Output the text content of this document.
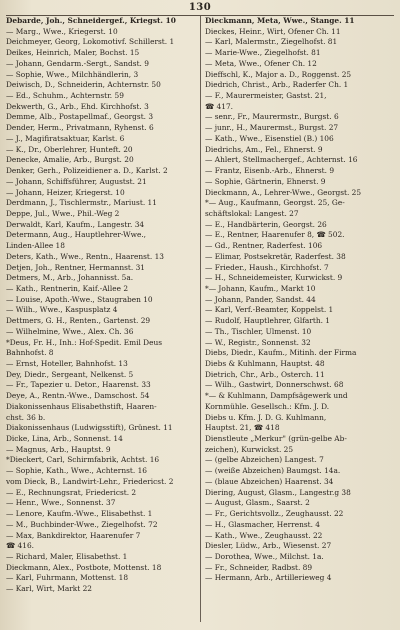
130
Debarde, Joh., Schneidergef., Kriegst. 10
— Marg., Wwe., Kriegerst. 10
Deichmeyer, Georg, Lokomotivf. Schillerst. 1
Deikes, Heinrich, Maler, Bochst. 15
— Johann, Gendarm.-Sergt., Sandst. 9
— Sophie, Wwe., Milchhändlerin, 3
Deiwisch, D., Schneiderin, Achternstr. 50
— Ed., Schuhm., Achternstr. 59
Dekwerth, G., Arb., Ehd. Kirchhofst. 3
Demme, Alb., Postapellmaf., Georgst. 3
Dender, Herm., Privatmann, Ryhenst. 6
— J., Magifiratsaktuar, Karlst. 6
— K., Dr., Oberlehrer, Hunteft. 20
Denecke, Amalie, Arb., Burgst. 20
Denker, Gerh., Polizeidiener a. D., Karlst. 2
— Johann, Schiffsführer, Augustst. 21
— Johann, Heizer, Kriegerst. 10
Derdmann, J., Tischlermstr., Mariust. 11
Deppe, Jul., Wwe., Phil.-Weg 2
Derwaldt, Karl, Kaufm., Langestr. 34
Determann, Aug., Hauptlehrer-Wwe.,
Linden-Allee 18
Deters, Kath., Wwe., Rentn., Haarenst. 13
Detjen, Joh., Rentner, Hermannst. 31
Detmers, M., Arb., Johannisst. 5a.
— Kath., Rentnerin, Kaif.-Allee 2
— Louise, Apoth.-Wwe., Staugraben 10
— Wilh., Wwe., Kaspusplatz 4
Dettmers, G. H., Renten., Gartenst. 29
— Wilhelmine, Wwe., Alex. Ch. 36
*Deus, Fr. H., Inh.: Hof-Spedit. Emil Deus
Bahnhofst. 8
— Ernst, Hoteller, Bahnhofst. 13
Dey, Diedr., Sergeant, Nelkenst. 5
— Fr., Tapezier u. Detor., Haarenst. 33
Deye, A., Rentn.-Wwe., Damschost. 54
Diakonissenhaus Elisabethstift, Haaren-
chst. 36 b.
Diakonissenhaus (Ludwigsstift), Grünest. 11
Dicke, Lina, Arb., Sonnenst. 14
— Magnus, Arb., Hauptst. 9
*Dieckert, Carl, Schirmfabrik, Achtst. 16
— Sophie, Kath., Wwe., Achternst. 16
vom Dieck, B., Landwirt-Lehr., Friedericst. 2
— E., Rechnungsrat, Friedericst. 2
— Henr., Wwe., Sonnenst. 37
— Lenore, Kaufm.-Wwe., Elisabethst. 1
— M., Buchbinder-Wwe., Ziegelhofst. 72
— Max, Bankdirektor, Haarenufer 7
☎ 416.
— Richard, Maler, Elisabethst. 1
Dieckmann, Alex., Postbote, Mottenst. 18
— Karl, Fuhrmann, Mottenst. 18
— Karl, Wirt, Markt 22
Dieckmann, Meta, Wwe., Stange. 11
Dieckes, Heinr., Wirt, Ofener Ch. 11
— Karl, Malermstr., Ziegelhofst. 81
— Marie-Wwe., Ziegelhofst. 81
— Meta, Wwe., Ofener Ch. 12
Dieffschl, K., Major a. D., Roggenst. 25
Diedrich, Christ., Arb., Raderfer Ch. 1
— F., Maurermeister, Gastst. 21,
☎ 417.
— senr., Fr., Maurermstr., Burgst. 6
— junr., H., Maurermst., Burgst. 27
— Kath., Wwe., Eisenstiel (B.) 106
Diedrichs, Am., Fel., Ehnerst. 9
— Ahlert, Stellmachergef., Achternst. 16
— Frantz, Eisenb.-Arb., Ehnerst. 9
— Sophie, Gärtnerin, Ehnerst. 9
Dieckmann, A., Lehrer-Wwe., Georgst. 25
*— Aug., Kaufmann, Georgst. 25, Ge-
schäftslokal: Langest. 27
— E., Handbärterin, Georgst. 26
— E., Rentner, Haarenufer 8, ☎ 502.
— Gd., Rentner, Raderfest. 106
— Elimar, Postsekretär, Raderfest. 38
— Frieder., Haush., Kirchhofst. 7
— H., Schneidemeister, Kurwickst. 9
*— Johann, Kaufm., Markt 10
— Johann, Pander, Sandst. 44
— Karl, Verf.-Beamter, Koppelst. 1
— Rudolf, Hauptlehrer, Glfarth. 1
— Th., Tischler, Ulmenst. 10
— W., Registr., Sonnenst. 32
Diebs, Diedr., Kaufm., Mitinh. der Firma
Diebs & Kuhlmann, Hauptst. 48
Dietrich, Chr., Arb., Osterch. 11
— Wilh., Gastwirt, Donnerschwst. 68
*— & Kuhlmann, Dampfsägewerk und
Kornmühle. Gesellsch.: Kfm. J. D.
Diebs u. Kfm. J. D. G. Kuhlmann,
Hauptst. 21, ☎ 418
Dienstleute „Merkur" (grün-gelbe Ab-
zeichen), Kurwickst. 25
— (gelbe Abzeichen) Langest. 7
— (weiße Abzeichen) Baumgst. 14a.
— (blaue Abzeichen) Haarenst. 34
Diering, August, Glasm., Langestr.g 38
— August, Glasm., Saarst. 2
— Fr., Gerichtsvollz., Zeughausst. 22
— H., Glasmacher, Herrenst. 4
— Kath., Wwe., Zeughausst. 22
Diesler, Lüdw., Arb., Wiesenst. 27
— Dorothea, Wwe., Milchst. 1a.
— Fr., Schneider, Radbst. 89
— Hermann, Arb., Artillerieweg 4
